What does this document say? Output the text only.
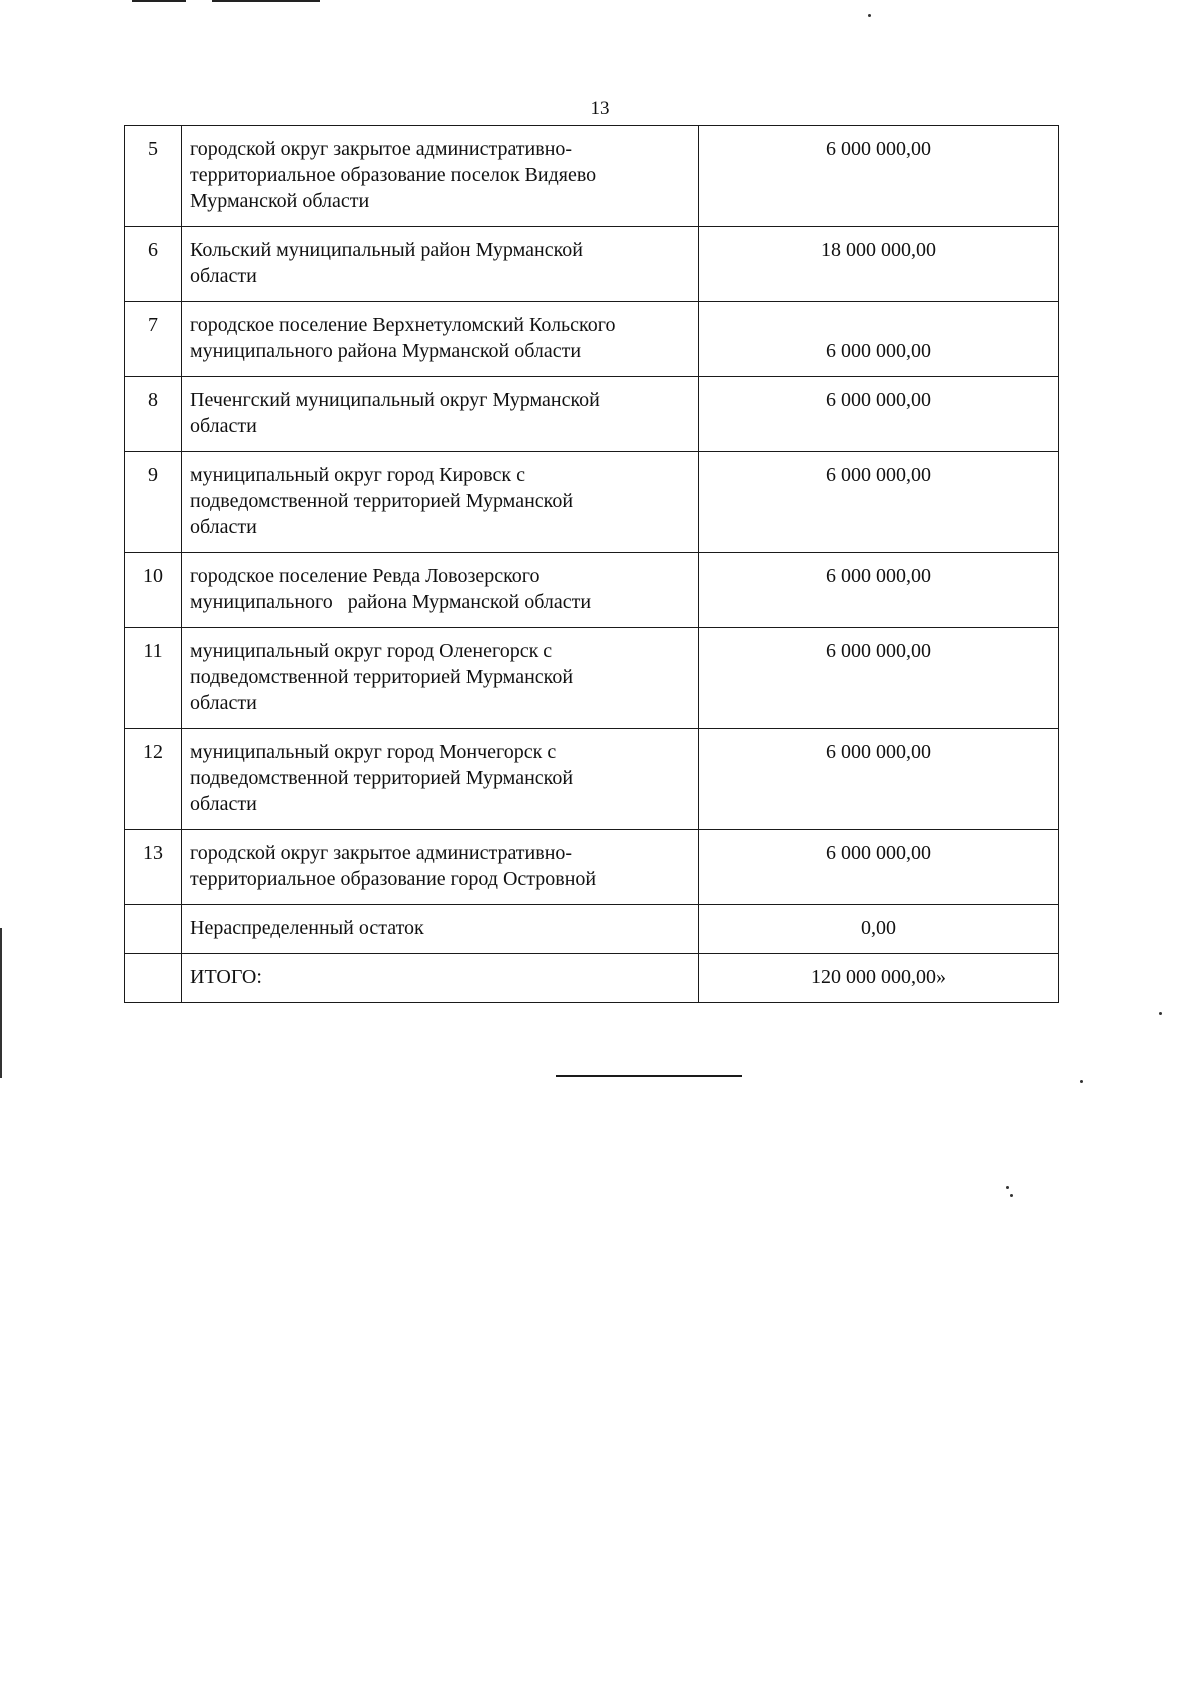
13
5	городской округ закрытое административно-
территориальное образование поселок Видяево
Мурманской области	6 000 000,00
6	Кольский муниципальный район Мурманской
области	18 000 000,00
7	городское поселение Верхнетуломский Кольского
муниципального района Мурманской области	6 000 000,00
8	Печенгский муниципальный округ Мурманской
области	6 000 000,00
9	муниципальный округ город Кировск с
подведомственной территорией Мурманской
области	6 000 000,00
10	городское поселение Ревда Ловозерского
муниципального   района Мурманской области	6 000 000,00
11	муниципальный округ город Оленегорск с
подведомственной территорией Мурманской
области	6 000 000,00
12	муниципальный округ город Мончегорск с
подведомственной территорией Мурманской
области	6 000 000,00
13	городской округ закрытое административно-
территориальное образование город Островной	6 000 000,00
	Нераспределенный остаток	0,00
	ИТОГО:	120 000 000,00»
